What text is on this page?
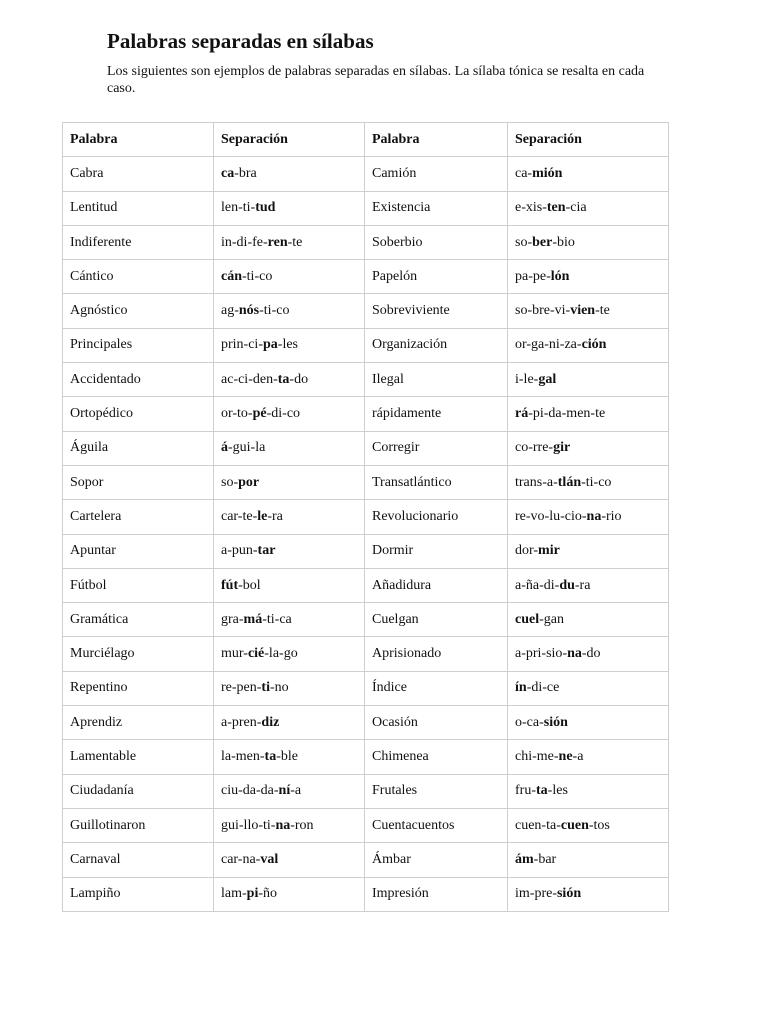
Palabras separadas en sílabas

Los siguientes son ejemplos de palabras separadas en sílabas. La sílaba tónica se resalta en cada caso.

Palabra	Separación	Palabra	Separación
Cabra	ca-bra	Camión	ca-mión
Lentitud	len-ti-tud	Existencia	e-xis-ten-cia
Indiferente	in-di-fe-ren-te	Soberbio	so-ber-bio
Cántico	cán-ti-co	Papelón	pa-pe-lón
Agnóstico	ag-nós-ti-co	Sobreviviente	so-bre-vi-vien-te
Principales	prin-ci-pa-les	Organización	or-ga-ni-za-ción
Accidentado	ac-ci-den-ta-do	Ilegal	i-le-gal
Ortopédico	or-to-pé-di-co	rápidamente	rá-pi-da-men-te
Águila	á-gui-la	Corregir	co-rre-gir
Sopor	so-por	Transatlántico	trans-a-tlán-ti-co
Cartelera	car-te-le-ra	Revolucionario	re-vo-lu-cio-na-rio
Apuntar	a-pun-tar	Dormir	dor-mir
Fútbol	fút-bol	Añadidura	a-ña-di-du-ra
Gramática	gra-má-ti-ca	Cuelgan	cuel-gan
Murciélago	mur-cié-la-go	Aprisionado	a-pri-sio-na-do
Repentino	re-pen-ti-no	Índice	ín-di-ce
Aprendiz	a-pren-diz	Ocasión	o-ca-sión
Lamentable	la-men-ta-ble	Chimenea	chi-me-ne-a
Ciudadanía	ciu-da-da-ní-a	Frutales	fru-ta-les
Guillotinaron	gui-llo-ti-na-ron	Cuentacuentos	cuen-ta-cuen-tos
Carnaval	car-na-val	Ámbar	ám-bar
Lampiño	lam-pi-ño	Impresión	im-pre-sión
